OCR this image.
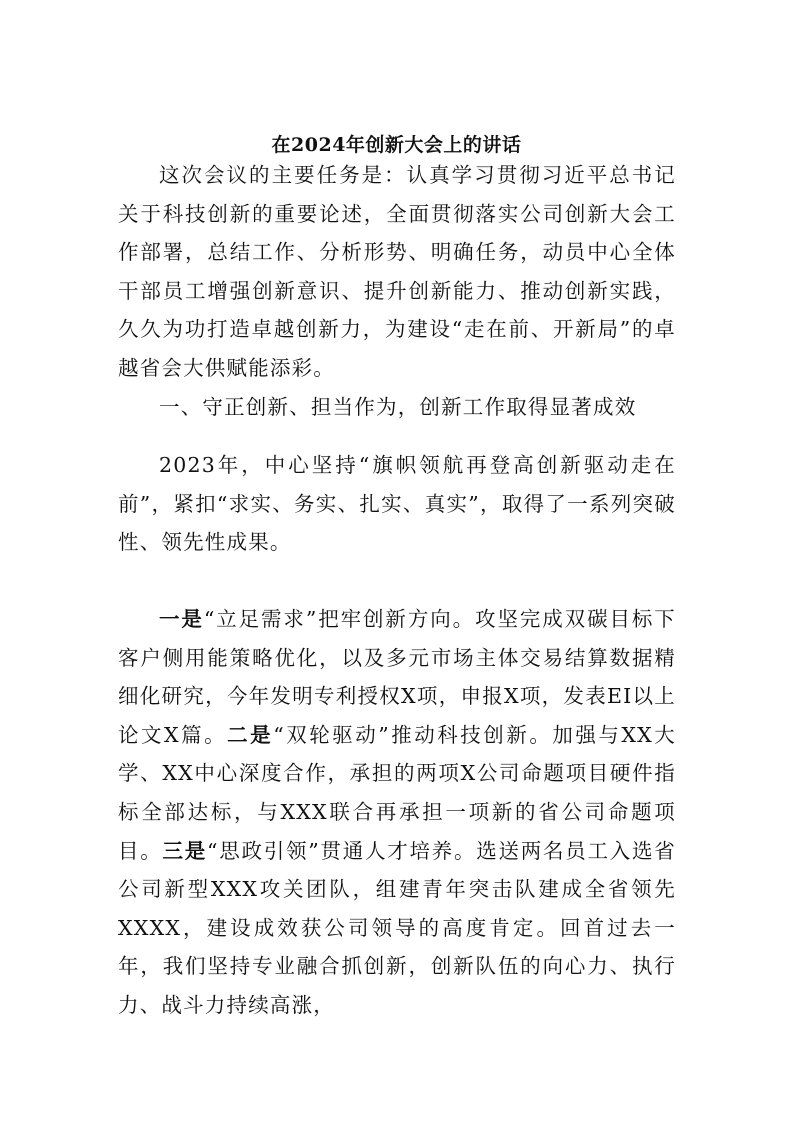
在2024年创新大会上的讲话

这次会议的主要任务是：认真学习贯彻习近平总书记关于科技创新的重要论述，全面贯彻落实公司创新大会工作部署，总结工作、分析形势、明确任务，动员中心全体干部员工增强创新意识、提升创新能力、推动创新实践，久久为功打造卓越创新力，为建设“走在前、开新局”的卓越省会大供赋能添彩。

一、守正创新、担当作为，创新工作取得显著成效

2023年，中心坚持“旗帜领航再登高创新驱动走在前”，紧扣“求实、务实、扎实、真实”，取得了一系列突破性、领先性成果。

一是“立足需求”把牢创新方向。攻坚完成双碳目标下客户侧用能策略优化，以及多元市场主体交易结算数据精细化研究，今年发明专利授权X项，申报X项，发表EI以上论文X篇。二是“双轮驱动”推动科技创新。加强与XX大学、XX中心深度合作，承担的两项X公司命题项目硬件指标全部达标，与XXX联合再承担一项新的省公司命题项目。三是“思政引领”贯通人才培养。选送两名员工入选省公司新型XXX攻关团队，组建青年突击队建成全省领先XXXX，建设成效获公司领导的高度肯定。回首过去一年，我们坚持专业融合抓创新，创新队伍的向心力、执行力、战斗力持续高涨，
